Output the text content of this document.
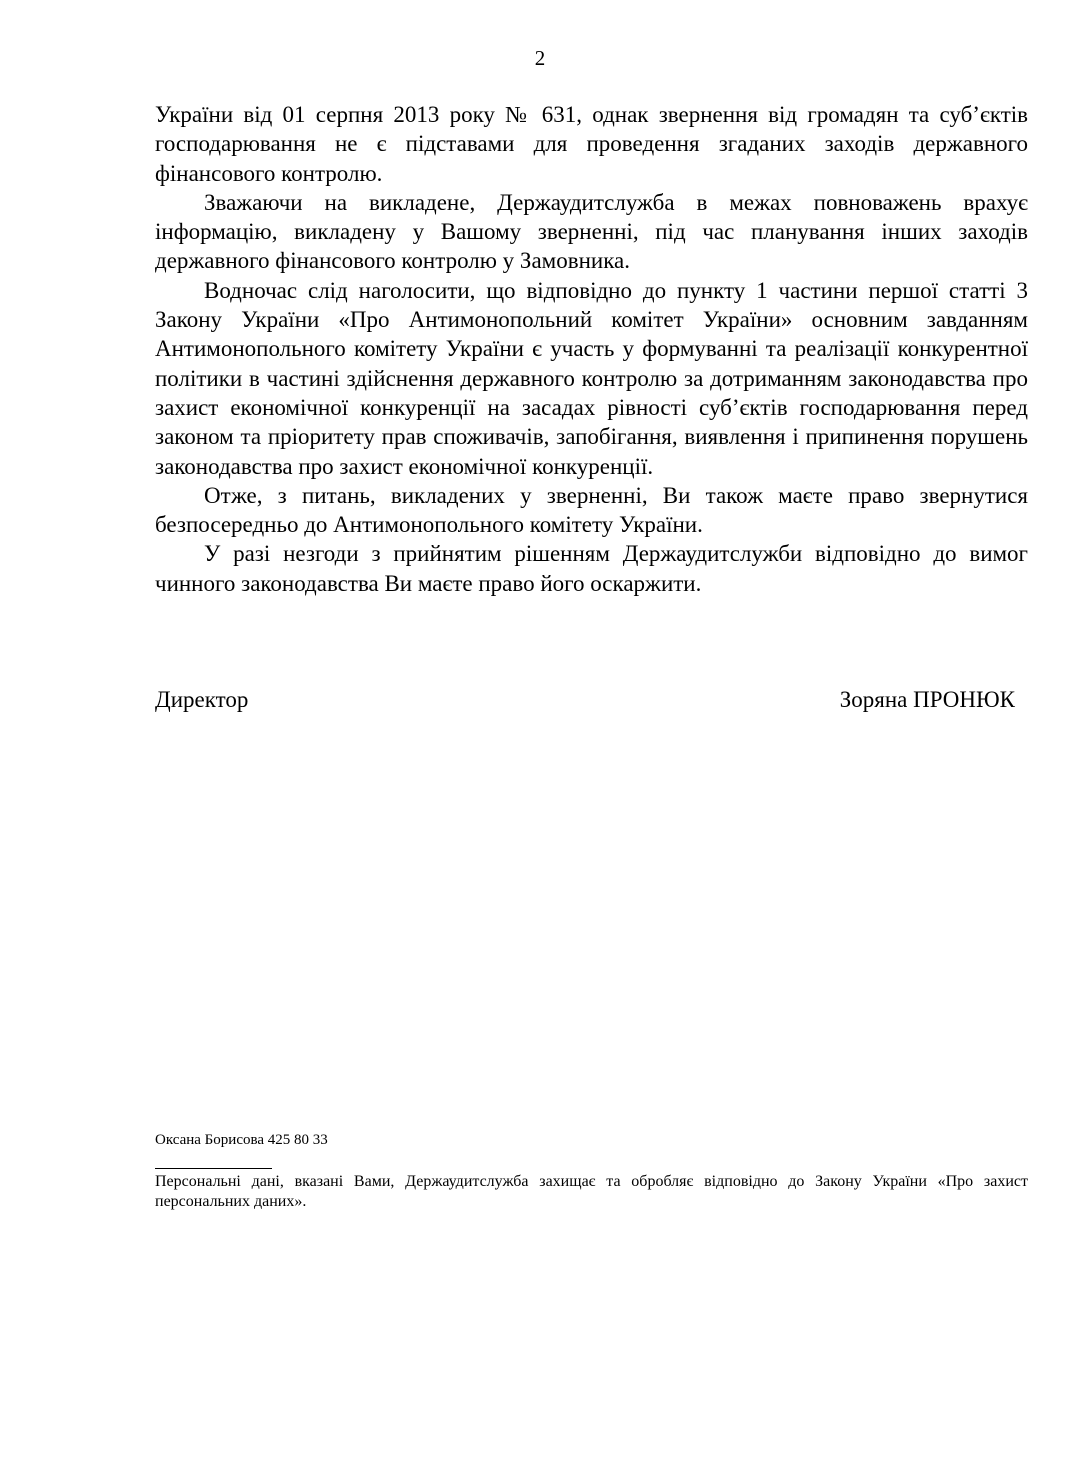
2

України від 01 серпня 2013 року № 631, однак звернення від громадян та суб’єктів господарювання не є підставами для проведення згаданих заходів державного фінансового контролю.

Зважаючи на викладене, Держаудитслужба в межах повноважень врахує інформацію, викладену у Вашому зверненні, під час планування інших заходів державного фінансового контролю у Замовника.

Водночас слід наголосити, що відповідно до пункту 1 частини першої статті 3 Закону України «Про Антимонопольний комітет України» основним завданням Антимонопольного комітету України є участь у формуванні та реалізації конкурентної політики в частині здійснення державного контролю за дотриманням законодавства про захист економічної конкуренції на засадах рівності суб’єктів господарювання перед законом та пріоритету прав споживачів, запобігання, виявлення і припинення порушень законодавства про захист економічної конкуренції.

Отже, з питань, викладених у зверненні, Ви також маєте право звернутися безпосередньо до Антимонопольного комітету України.

У разі незгоди з прийнятим рішенням Держаудитслужби відповідно до вимог чинного законодавства Ви маєте право його оскаржити.

Директор	Зоряна ПРОНЮК
Оксана Борисова 425 80 33

Персональні дані, вказані Вами, Держаудитслужба захищає та обробляє відповідно до Закону України «Про захист персональних даних».
